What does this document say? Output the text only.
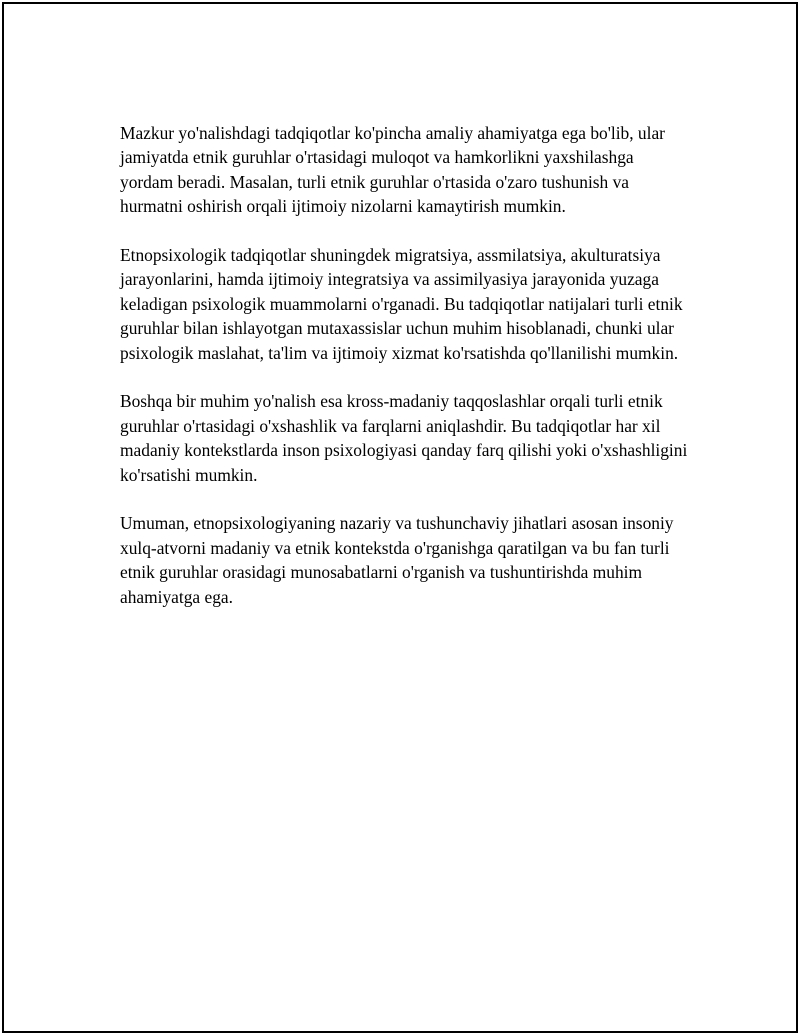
Mazkur yo'nalishdagi tadqiqotlar ko'pincha amaliy ahamiyatga ega bo'lib, ular jamiyatda etnik guruhlar o'rtasidagi muloqot va hamkorlikni yaxshilashga yordam beradi. Masalan, turli etnik guruhlar o'rtasida o'zaro tushunish va hurmatni oshirish orqali ijtimoiy nizolarni kamaytirish mumkin.

Etnopsixologik tadqiqotlar shuningdek migratsiya, assmilatsiya, akulturatsiya jarayonlarini, hamda ijtimoiy integratsiya va assimilyasiya jarayonida yuzaga keladigan psixologik muammolarni o'rganadi. Bu tadqiqotlar natijalari turli etnik guruhlar bilan ishlayotgan mutaxassislar uchun muhim hisoblanadi, chunki ular psixologik maslahat, ta'lim va ijtimoiy xizmat ko'rsatishda qo'llanilishi mumkin.

Boshqa bir muhim yo'nalish esa kross-madaniy taqqoslashlar orqali turli etnik guruhlar o'rtasidagi o'xshashlik va farqlarni aniqlashdir. Bu tadqiqotlar har xil madaniy kontekstlarda inson psixologiyasi qanday farq qilishi yoki o'xshashligini ko'rsatishi mumkin.

Umuman, etnopsixologiyaning nazariy va tushunchaviy jihatlari asosan insoniy xulq-atvorni madaniy va etnik kontekstda o'rganishga qaratilgan va bu fan turli etnik guruhlar orasidagi munosabatlarni o'rganish va tushuntirishda muhim ahamiyatga ega.
